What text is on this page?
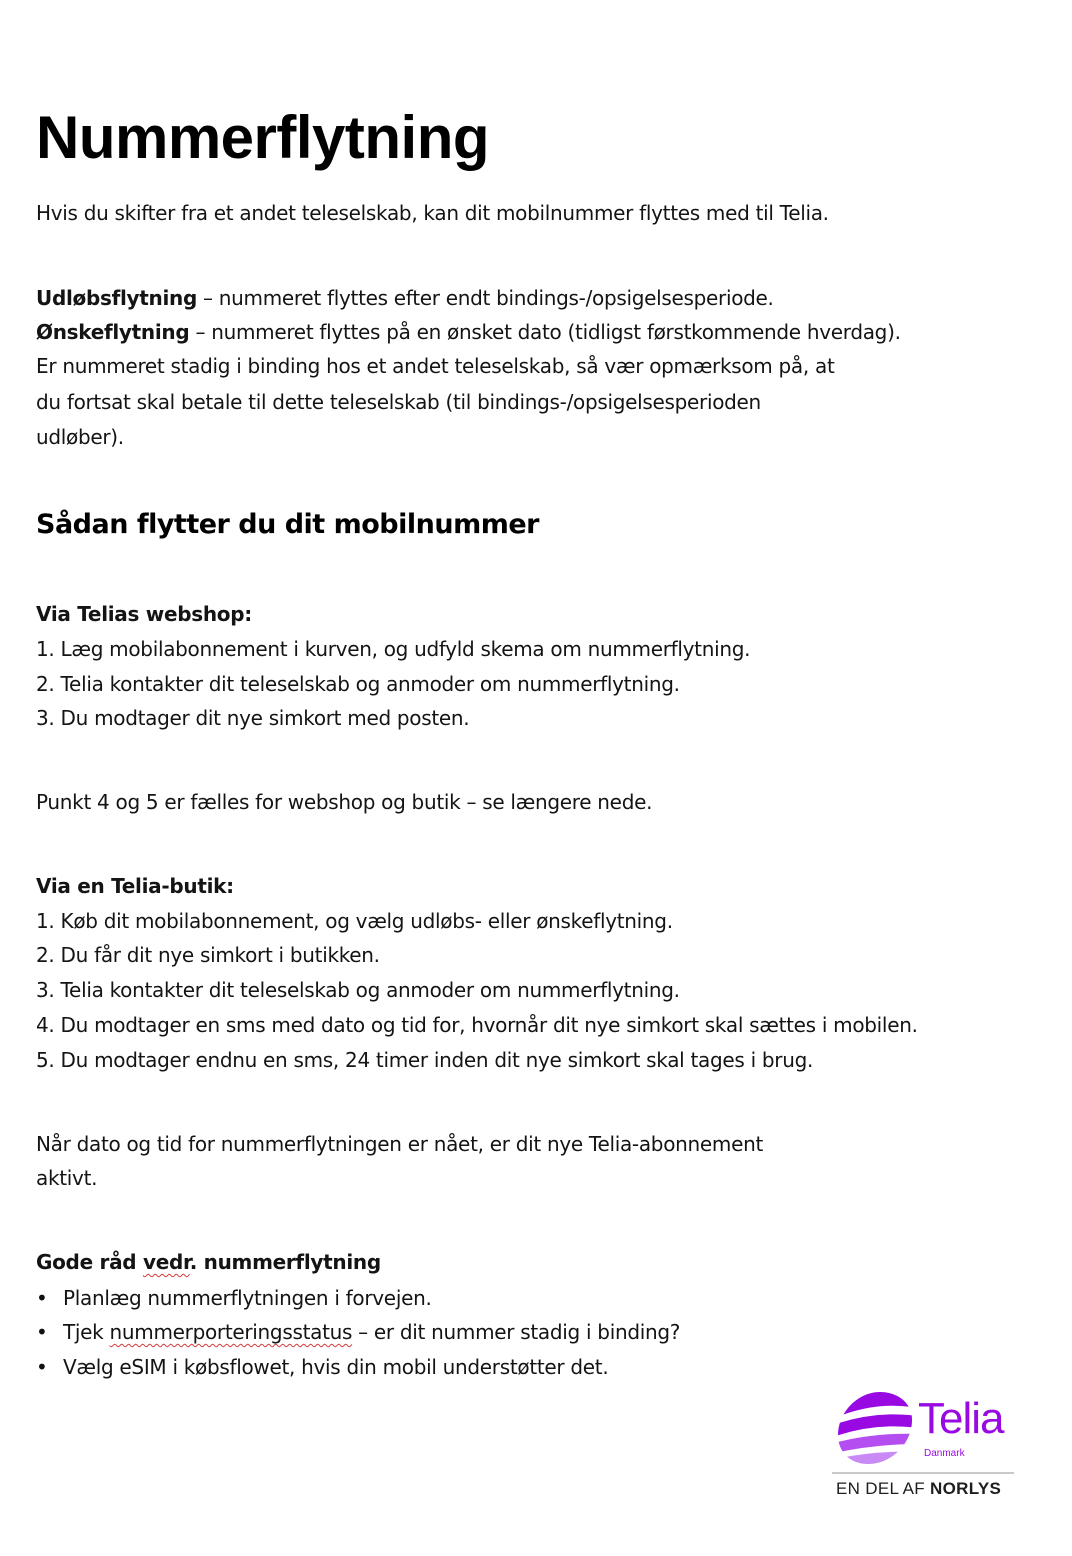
Nummerflytning

Hvis du skifter fra et andet teleselskab, kan dit mobilnummer flyttes med til Telia.

Udløbsflytning – nummeret flyttes efter endt bindings-/opsigelsesperiode.

Ønskeflytning – nummeret flyttes på en ønsket dato (tidligst førstkommende hverdag).

Er nummeret stadig i binding hos et andet teleselskab, så vær opmærksom på, at

du fortsat skal betale til dette teleselskab (til bindings-/opsigelsesperioden

udløber).

Sådan flytter du dit mobilnummer

Via Telias webshop:

1. Læg mobilabonnement i kurven, og udfyld skema om nummerflytning.

2. Telia kontakter dit teleselskab og anmoder om nummerflytning.

3. Du modtager dit nye simkort med posten.

Punkt 4 og 5 er fælles for webshop og butik – se længere nede.

Via en Telia-butik:

1. Køb dit mobilabonnement, og vælg udløbs- eller ønskeflytning.

2. Du får dit nye simkort i butikken.

3. Telia kontakter dit teleselskab og anmoder om nummerflytning.

4. Du modtager en sms med dato og tid for, hvornår dit nye simkort skal sættes i mobilen.

5. Du modtager endnu en sms, 24 timer inden dit nye simkort skal tages i brug.

Når dato og tid for nummerflytningen er nået, er dit nye Telia-abonnement

aktivt.

Gode råd vedr. nummerflytning

• Planlæg nummerflytningen i forvejen.

• Tjek nummerporteringsstatus – er dit nummer stadig i binding?

• Vælg eSIM i købsflowet, hvis din mobil understøtter det.

Telia

Danmark

EN DEL AF NORLYS
